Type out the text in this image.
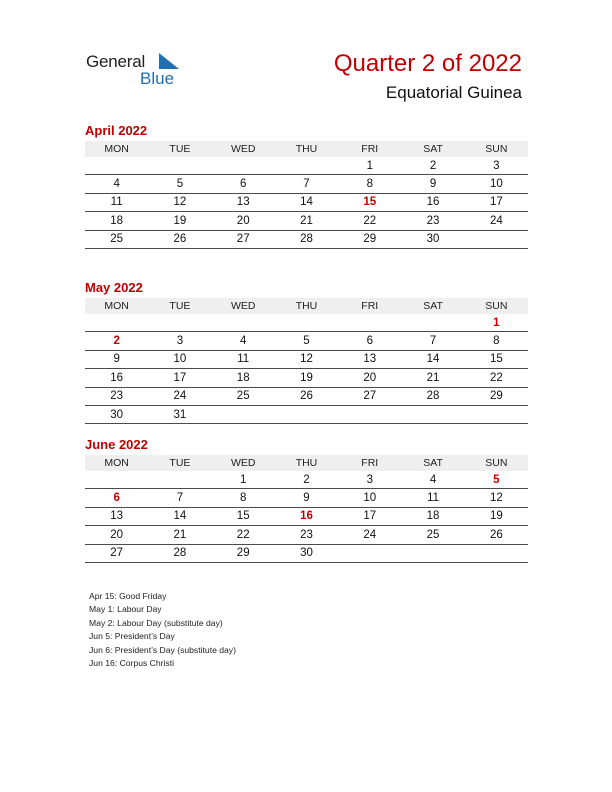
General
Blue
Quarter 2 of 2022
Equatorial Guinea
April 2022
MON	TUE	WED	THU	FRI	SAT	SUN
				1	2	3
4	5	6	7	8	9	10
11	12	13	14	15	16	17
18	19	20	21	22	23	24
25	26	27	28	29	30	
May 2022
MON	TUE	WED	THU	FRI	SAT	SUN
						1
2	3	4	5	6	7	8
9	10	11	12	13	14	15
16	17	18	19	20	21	22
23	24	25	26	27	28	29
30	31					
June 2022
MON	TUE	WED	THU	FRI	SAT	SUN
		1	2	3	4	5
6	7	8	9	10	11	12
13	14	15	16	17	18	19
20	21	22	23	24	25	26
27	28	29	30			
Apr 15: Good Friday
May 1: Labour Day
May 2: Labour Day (substitute day)
Jun 5: President’s Day
Jun 6: President’s Day (substitute day)
Jun 16: Corpus Christi
